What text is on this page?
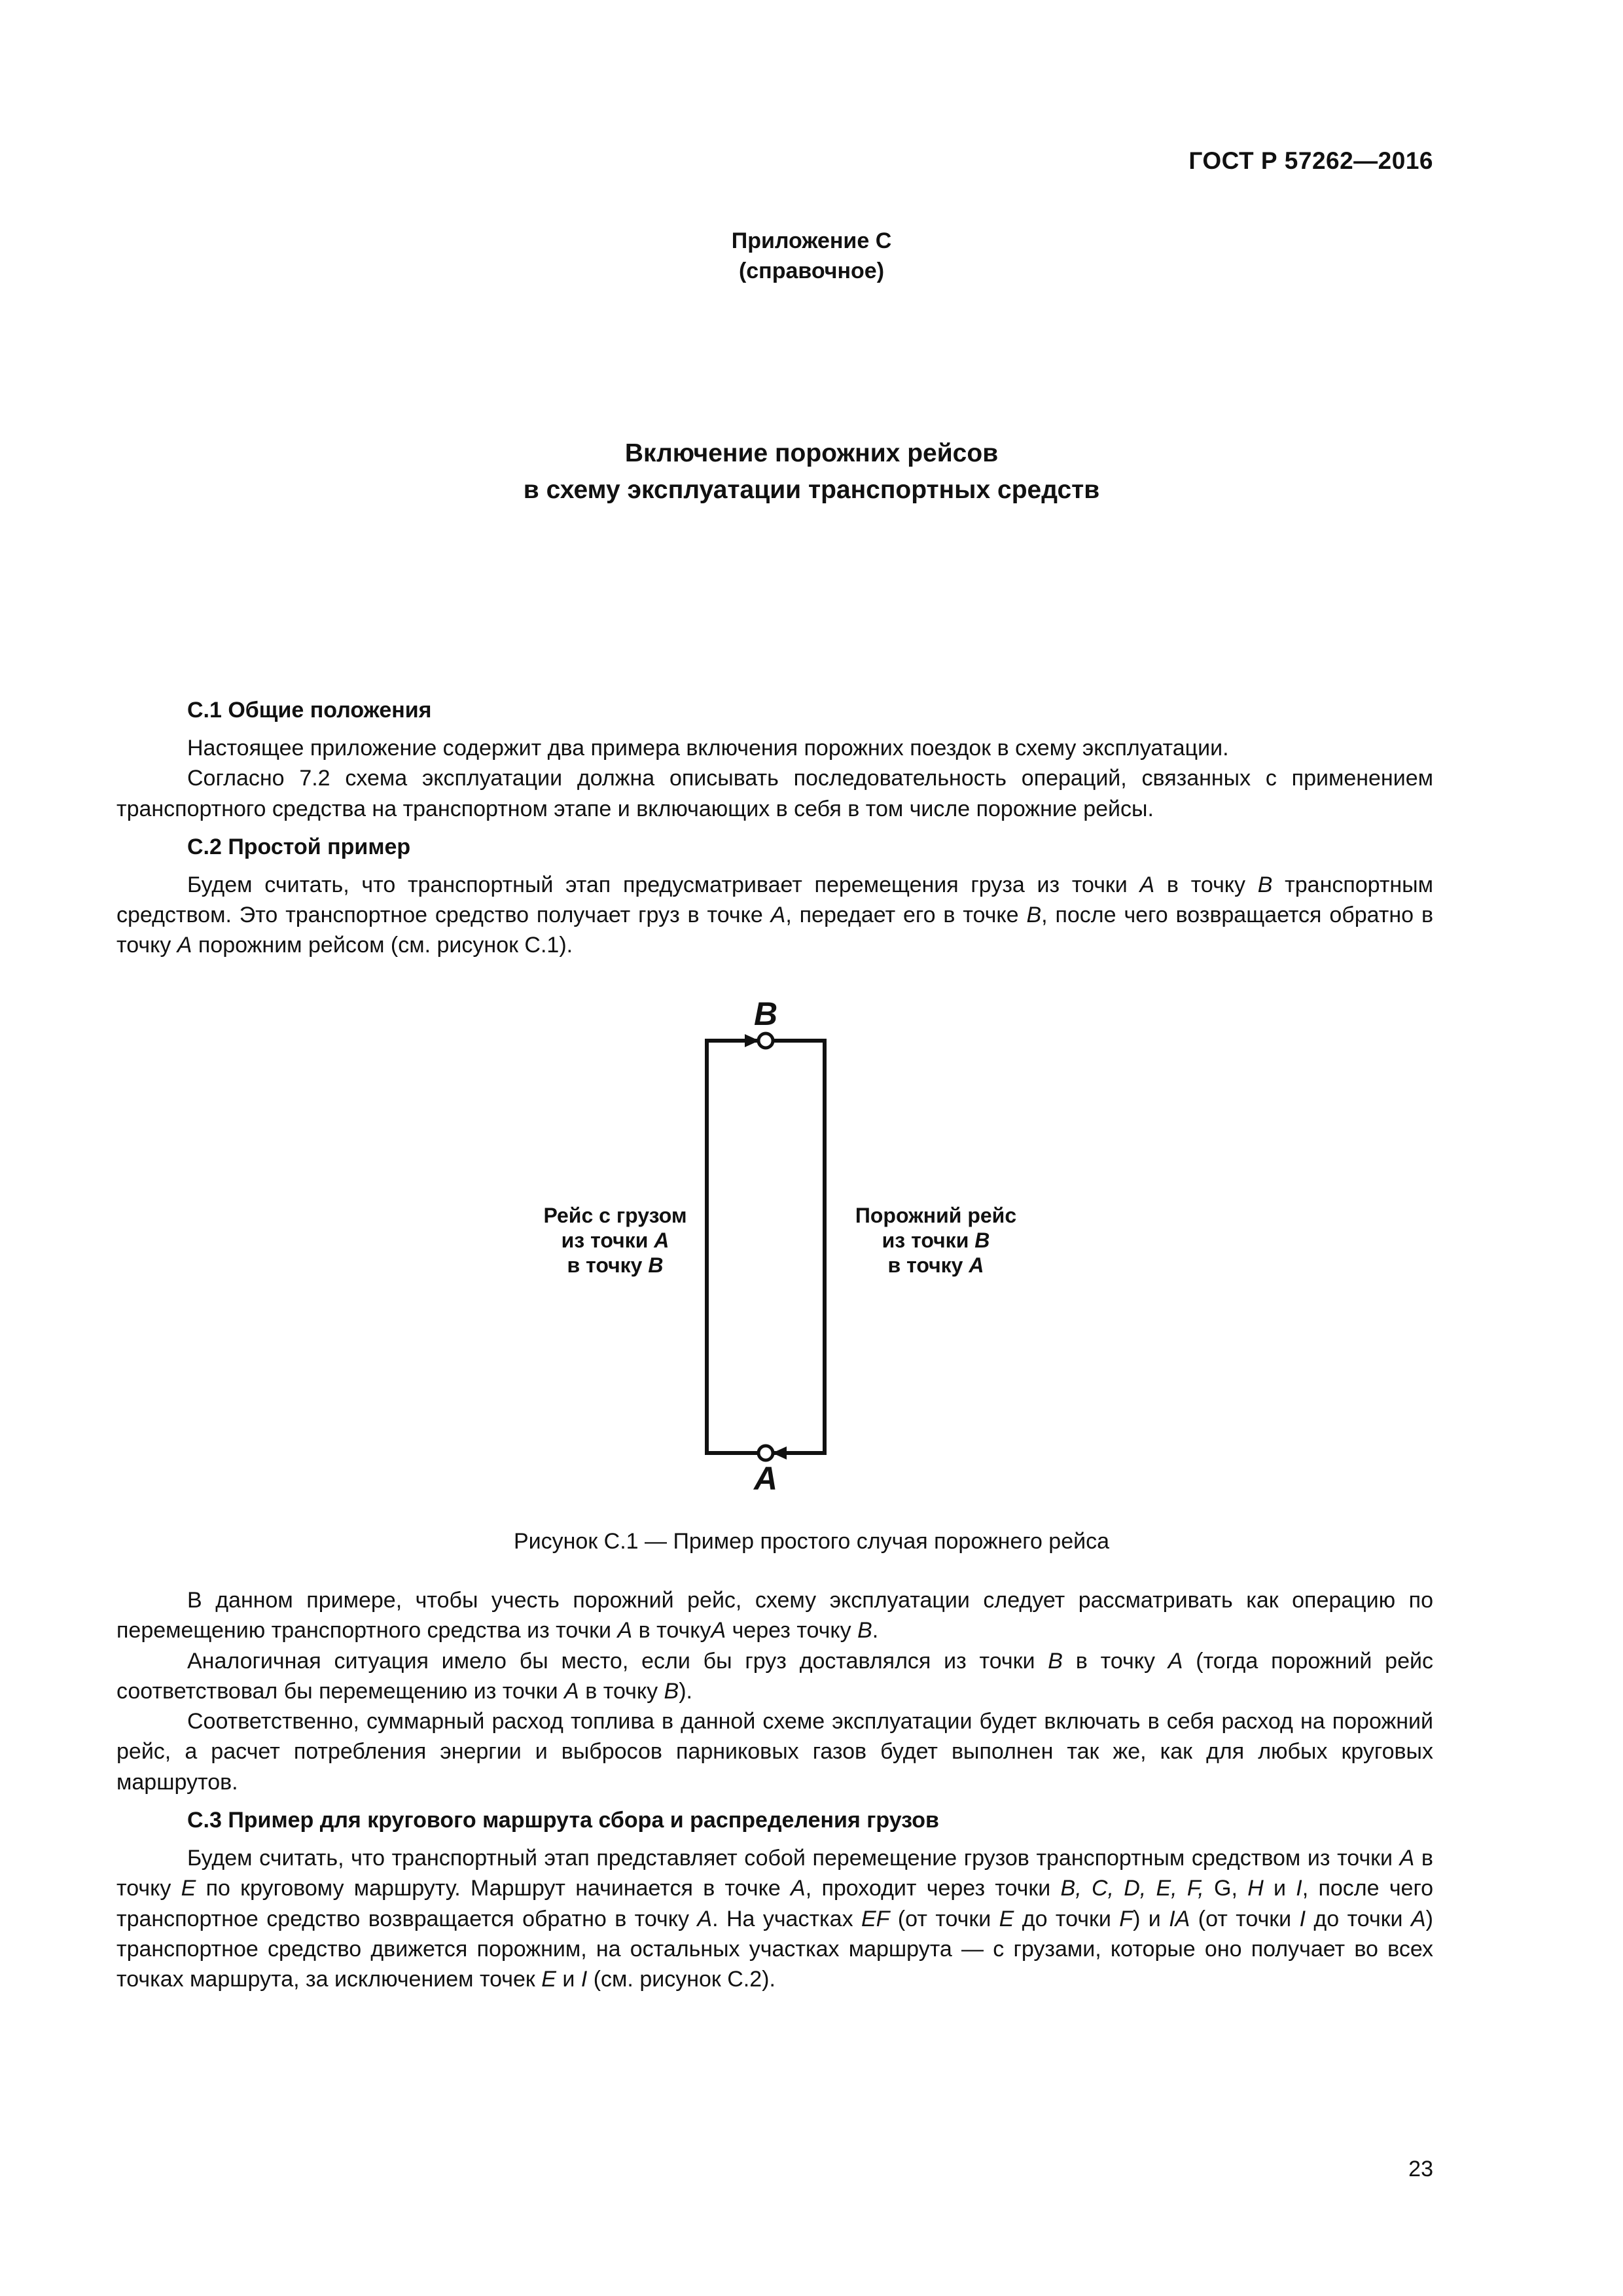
ГОСТ Р 57262—2016
Приложение С
(справочное)
Включение порожних рейсов
в схему эксплуатации транспортных средств
С.1 Общие положения

Настоящее приложение содержит два примера включения порожних поездок в схему эксплуатации.

Согласно 7.2 схема эксплуатации должна описывать последовательность операций, связанных с применением транспортного средства на транспортном этапе и включающих в себя в том числе порожние рейсы.

С.2 Простой пример

Будем считать, что транспортный этап предусматривает перемещения груза из точки А в точку В транспортным средством. Это транспортное средство получает груз в точке А, передает его в точке В, после чего возвращается обратно в точку А порожним рейсом (см. рисунок С.1).

В
А
Рейс с грузом
из точки А
в точку В
Порожний рейс
из точки В
в точку А
Рисунок С.1 — Пример простого случая порожнего рейса

В данном примере, чтобы учесть порожний рейс, схему эксплуатации следует рассматривать как операцию по перемещению транспортного средства из точки А в точкуА через точку В.

Аналогичная ситуация имело бы место, если бы груз доставлялся из точки В в точку А (тогда порожний рейс соответствовал бы перемещению из точки А в точку В).

Соответственно, суммарный расход топлива в данной схеме эксплуатации будет включать в себя расход на порожний рейс, а расчет потребления энергии и выбросов парниковых газов будет выполнен так же, как для любых круговых маршрутов.

С.3 Пример для кругового маршрута сбора и распределения грузов

Будем считать, что транспортный этап представляет собой перемещение грузов транспортным средством из точки А в точку Е по круговому маршруту. Маршрут начинается в точке А, проходит через точки В, С, D, Е, F, G, H и I, после чего транспортное средство возвращается обратно в точку А. На участках EF (от точки Е до точки F) и IA (от точки I до точки А) транспортное средство движется порожним, на остальных участках маршрута — с грузами, которые оно получает во всех точках маршрута, за исключением точек Е и I (см. рисунок С.2).

23
